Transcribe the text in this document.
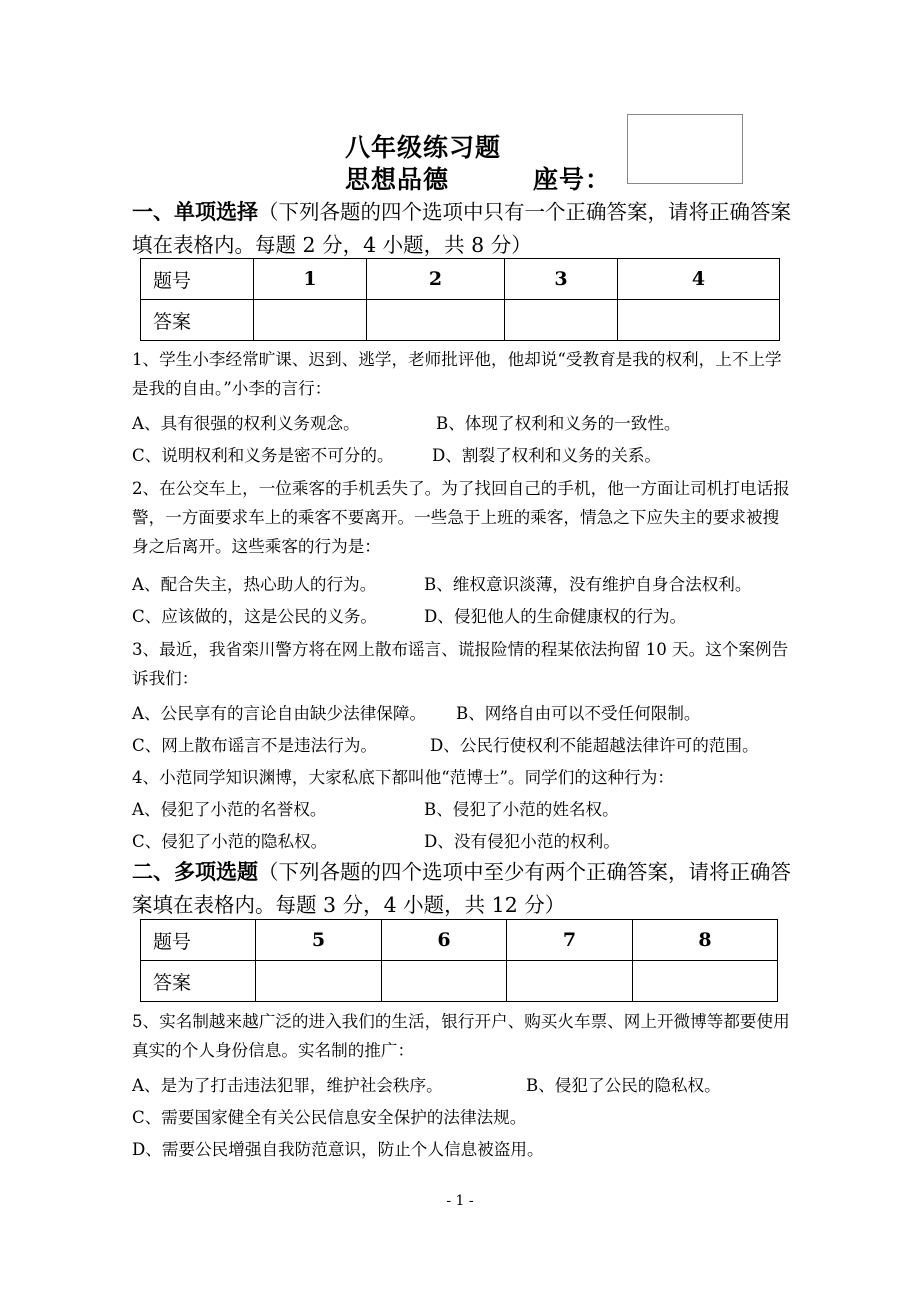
八年级练习题
思想品德	座号：
一、单项选择（下列各题的四个选项中只有一个正确答案，请将正确答案填在表格内。每题 2 分，4 小题，共 8 分）
题号	1	2	3	4
答案				
1、学生小李经常旷课、迟到、逃学，老师批评他，他却说“受教育是我的权利，上不上学是我的自由。”小李的言行：
A、具有很强的权利义务观念。	B、体现了权利和义务的一致性。
C、说明权利和义务是密不可分的。 D、割裂了权利和义务的关系。
2、在公交车上，一位乘客的手机丢失了。为了找回自己的手机，他一方面让司机打电话报警，一方面要求车上的乘客不要离开。一些急于上班的乘客，情急之下应失主的要求被搜身之后离开。这些乘客的行为是：
A、配合失主，热心助人的行为。	B、维权意识淡薄，没有维护自身合法权利。
C、应该做的，这是公民的义务。	D、侵犯他人的生命健康权的行为。
3、最近，我省栾川警方将在网上散布谣言、谎报险情的程某依法拘留 10 天。这个案例告诉我们：
A、公民享有的言论自由缺少法律保障。 B、网络自由可以不受任何限制。
C、网上散布谣言不是违法行为。	D、公民行使权利不能超越法律许可的范围。
4、小范同学知识渊博，大家私底下都叫他“范博士”。同学们的这种行为：
A、侵犯了小范的名誉权。	B、侵犯了小范的姓名权。
C、侵犯了小范的隐私权。	D、没有侵犯小范的权利。
二、多项选题（下列各题的四个选项中至少有两个正确答案，请将正确答案填在表格内。每题 3 分，4 小题，共 12 分）
题号	5	6	7	8
答案				
5、实名制越来越广泛的进入我们的生活，银行开户、购买火车票、网上开微博等都要使用真实的个人身份信息。实名制的推广：
A、是为了打击违法犯罪，维护社会秩序。	B、侵犯了公民的隐私权。
C、需要国家健全有关公民信息安全保护的法律法规。
D、需要公民增强自我防范意识，防止个人信息被盗用。
- 1 -
